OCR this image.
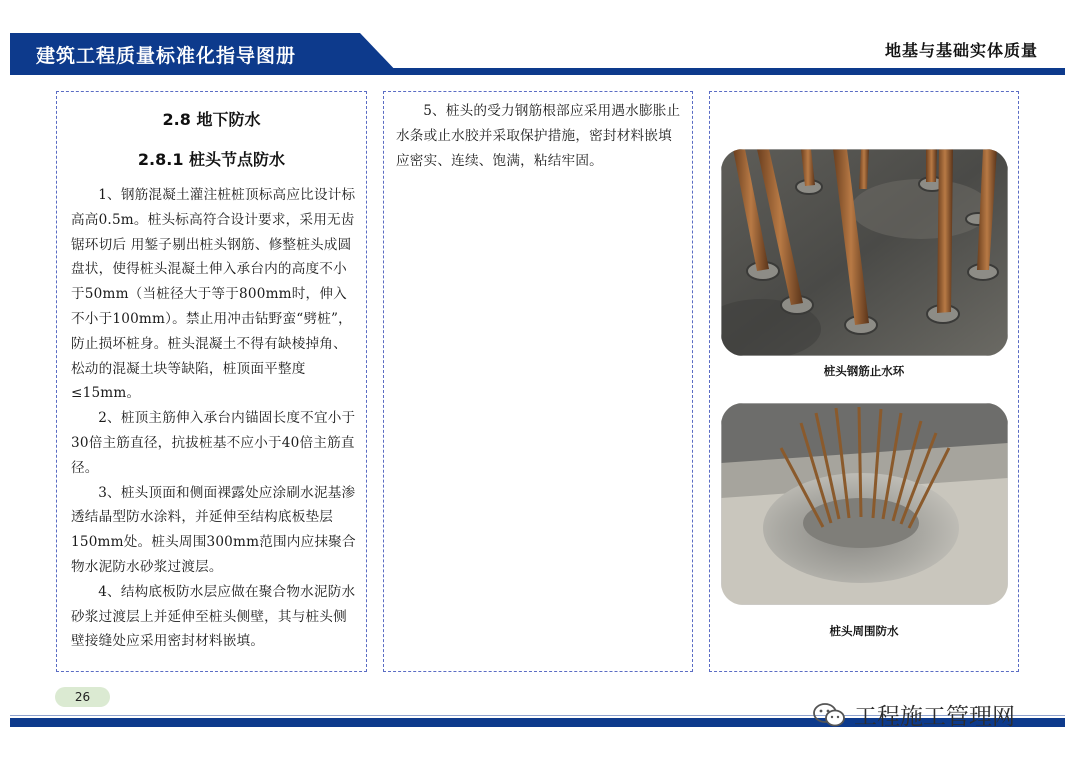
建筑工程质量标准化指导图册	地基与基础实体质量
2.8 地下防水
2.8.1 桩头节点防水

1、钢筋混凝土灌注桩桩顶标高应比设计标高高0.5m。桩头标高符合设计要求，采用无齿锯环切后 用錾子剔出桩头钢筋、修整桩头成圆盘状，使得桩头混凝土伸入承台内的高度不小于50mm（当桩径大于等于800mm时，伸入不小于100mm）。禁止用冲击钻野蛮“劈桩”，防止损坏桩身。桩头混凝土不得有缺棱掉角、松动的混凝土块等缺陷，桩顶面平整度≤15mm。

2、桩顶主筋伸入承台内锚固长度不宜小于30倍主筋直径，抗拔桩基不应小于40倍主筋直径。

3、桩头顶面和侧面裸露处应涂刷水泥基渗透结晶型防水涂料，并延伸至结构底板垫层150mm处。桩头周围300mm范围内应抹聚合物水泥防水砂浆过渡层。

4、结构底板防水层应做在聚合物水泥防水砂浆过渡层上并延伸至桩头侧壁，其与桩头侧壁接缝处应采用密封材料嵌填。

5、桩头的受力钢筋根部应采用遇水膨胀止水条或止水胶并采取保护措施，密封材料嵌填应密实、连续、饱满，粘结牢固。

桩头钢筋止水环
桩头周围防水
26
工程施工管理网
